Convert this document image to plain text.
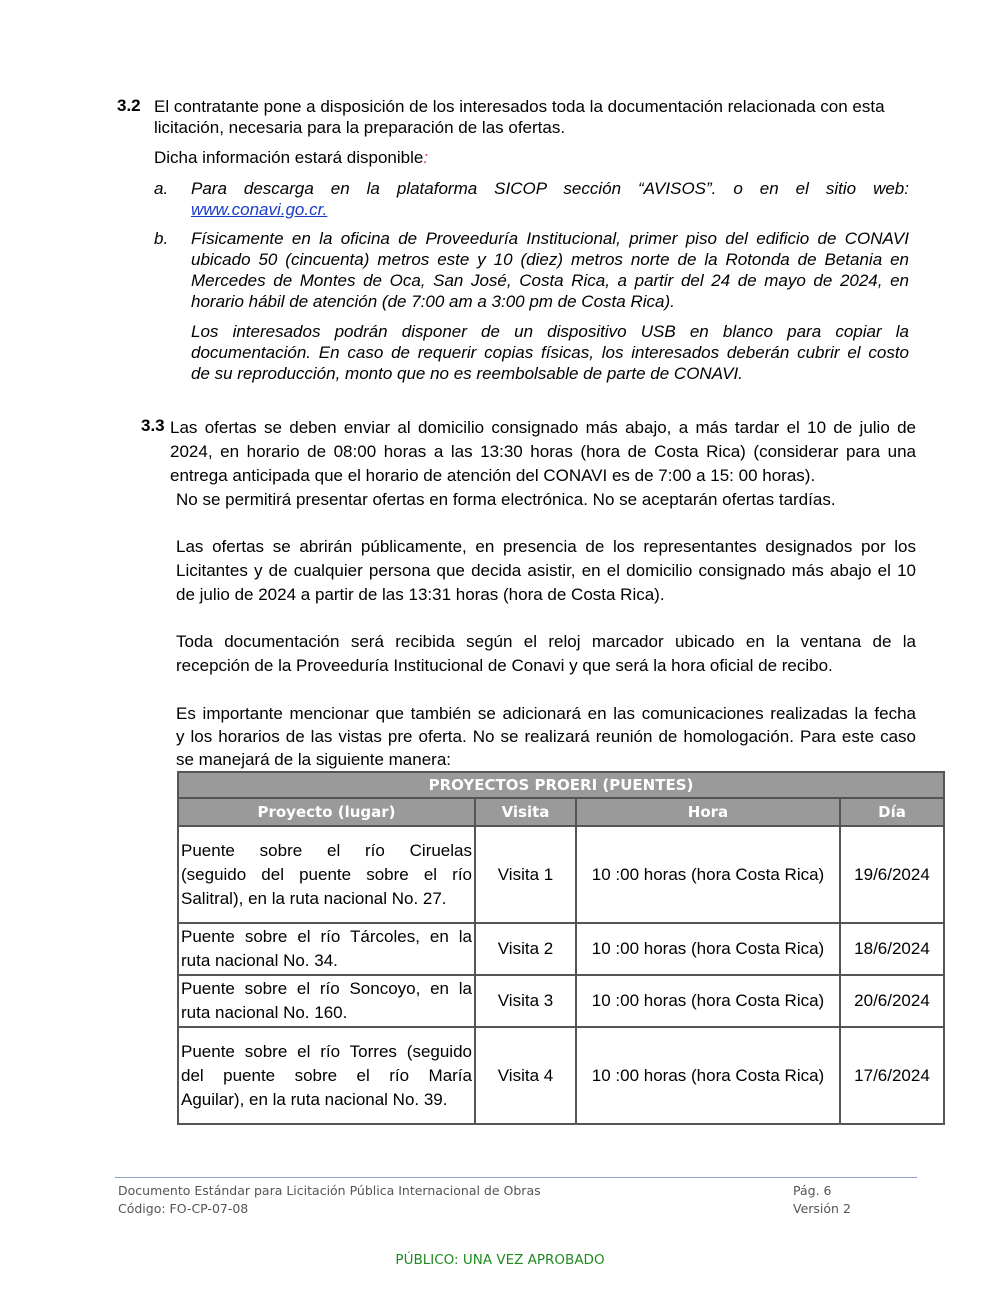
3.2 El contratante pone a disposición de los interesados toda la documentación relacionada con esta

licitación, necesaria para la preparación de las ofertas.

Dicha información estará disponible:
a. Para descarga en la plataforma SICOP sección “AVISOS”. o en el sitio web:

www.conavi.go.cr.

b. Físicamente en la oficina de Proveeduría Institucional, primer piso del edificio de CONAVI

ubicado 50 (cincuenta) metros este y 10 (diez) metros norte de la Rotonda de Betania en

Mercedes de Montes de Oca, San José, Costa Rica, a partir del 24 de mayo de 2024, en

horario hábil de atención (de 7:00 am a 3:00 pm de Costa Rica).

Los interesados podrán disponer de un dispositivo USB en blanco para copiar la

documentación. En caso de requerir copias físicas, los interesados deberán cubrir el costo

de su reproducción, monto que no es reembolsable de parte de CONAVI.

3.3 Las ofertas se deben enviar al domicilio consignado más abajo, a más tardar el 10 de julio de

2024, en horario de 08:00 horas a las 13:30 horas (hora de Costa Rica) (considerar para una

entrega anticipada que el horario de atención del CONAVI es de 7:00 a 15: 00 horas).

No se permitirá presentar ofertas en forma electrónica. No se aceptarán ofertas tardías.

Las ofertas se abrirán públicamente, en presencia de los representantes designados por los

Licitantes y de cualquier persona que decida asistir, en el domicilio consignado más abajo el 10

de julio de 2024 a partir de las 13:31 horas (hora de Costa Rica).

Toda documentación será recibida según el reloj marcador ubicado en la ventana de la

recepción de la Proveeduría Institucional de Conavi y que será la hora oficial de recibo.

Es importante mencionar que también se adicionará en las comunicaciones realizadas la fecha

y los horarios de las vistas pre oferta. No se realizará reunión de homologación. Para este caso

se manejará de la siguiente manera:

PROYECTOS PROERI (PUENTES)			
Proyecto (lugar)	Visita	Hora	Día

Puente sobre el río Ciruelas
(seguido del puente sobre el río
Salitral), en la ruta nacional No. 27.	Visita 1	10 :00 horas (hora Costa Rica)	19/6/2024

Puente sobre el río Tárcoles, en la
ruta nacional No. 34.	Visita 2	10 :00 horas (hora Costa Rica)	18/6/2024

Puente sobre el río Soncoyo, en la
ruta nacional No. 160.	Visita 3	10 :00 horas (hora Costa Rica)	20/6/2024

Puente sobre el río Torres (seguido
del puente sobre el río María
Aguilar), en la ruta nacional No. 39.	Visita 4	10 :00 horas (hora Costa Rica)	17/6/2024
Documento Estándar para Licitación Pública Internacional de Obras
Código: FO-CP-07-08
Pág. 6
Versión 2
PÚBLICO: UNA VEZ APROBADO
